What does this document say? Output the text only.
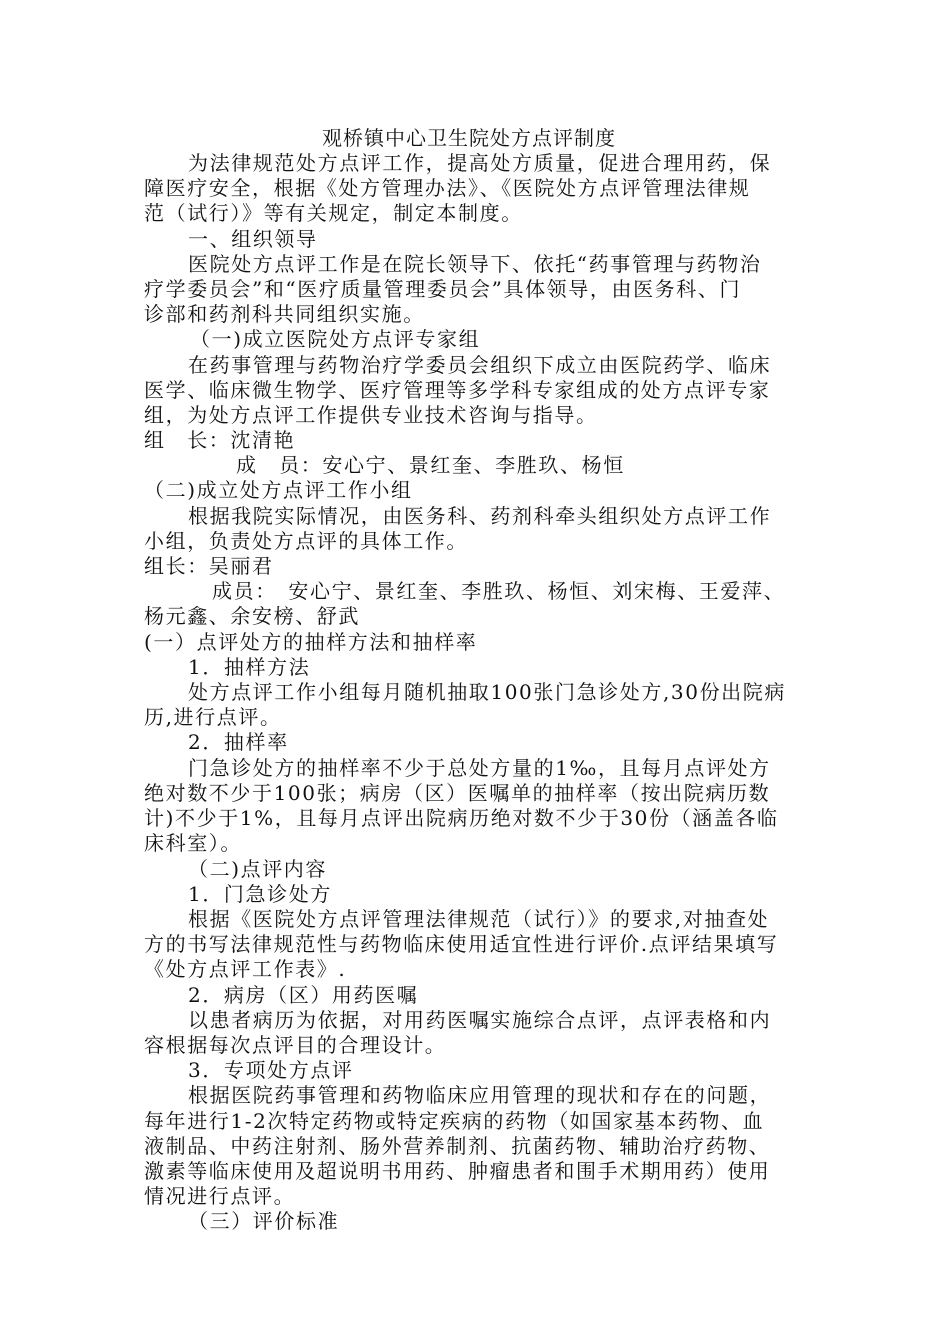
观桥镇中心卫生院处方点评制度
为法律规范处方点评工作，提高处方质量，促进合理用药，保
障医疗安全，根据《处方管理办法》、《医院处方点评管理法律规
范（试行）》等有关规定，制定本制度。
一、组织领导
医院处方点评工作是在院长领导下、依托“药事管理与药物治
疗学委员会”和“医疗质量管理委员会”具体领导，由医务科、门
诊部和药剂科共同组织实施。
（一)成立医院处方点评专家组
在药事管理与药物治疗学委员会组织下成立由医院药学、临床
医学、临床微生物学、医疗管理等多学科专家组成的处方点评专家
组，为处方点评工作提供专业技术咨询与指导。
组　长：沈清艳
成　员：安心宁、景红奎、李胜玖、杨恒
（二)成立处方点评工作小组
根据我院实际情况，由医务科、药剂科牵头组织处方点评工作
小组，负责处方点评的具体工作。
组长：吴丽君
成员：　安心宁、景红奎、李胜玖、杨恒、刘宋梅、王爱萍、
杨元鑫、余安榜、舒武
(一）点评处方的抽样方法和抽样率
1．抽样方法
处方点评工作小组每月随机抽取100张门急诊处方,30份出院病
历,进行点评。
2．抽样率
门急诊处方的抽样率不少于总处方量的1‰，且每月点评处方
绝对数不少于100张；病房（区）医嘱单的抽样率（按出院病历数
计)不少于1%，且每月点评出院病历绝对数不少于30份（涵盖各临
床科室）。
（二)点评内容
1．门急诊处方
根据《医院处方点评管理法律规范（试行）》的要求,对抽查处
方的书写法律规范性与药物临床使用适宜性进行评价.点评结果填写
《处方点评工作表》.
2．病房（区）用药医嘱
以患者病历为依据，对用药医嘱实施综合点评，点评表格和内
容根据每次点评目的合理设计。
3．专项处方点评
根据医院药事管理和药物临床应用管理的现状和存在的问题，
每年进行1-2次特定药物或特定疾病的药物（如国家基本药物、血
液制品、中药注射剂、肠外营养制剂、抗菌药物、辅助治疗药物、
激素等临床使用及超说明书用药、肿瘤患者和围手术期用药）使用
情况进行点评。
（三）评价标准
